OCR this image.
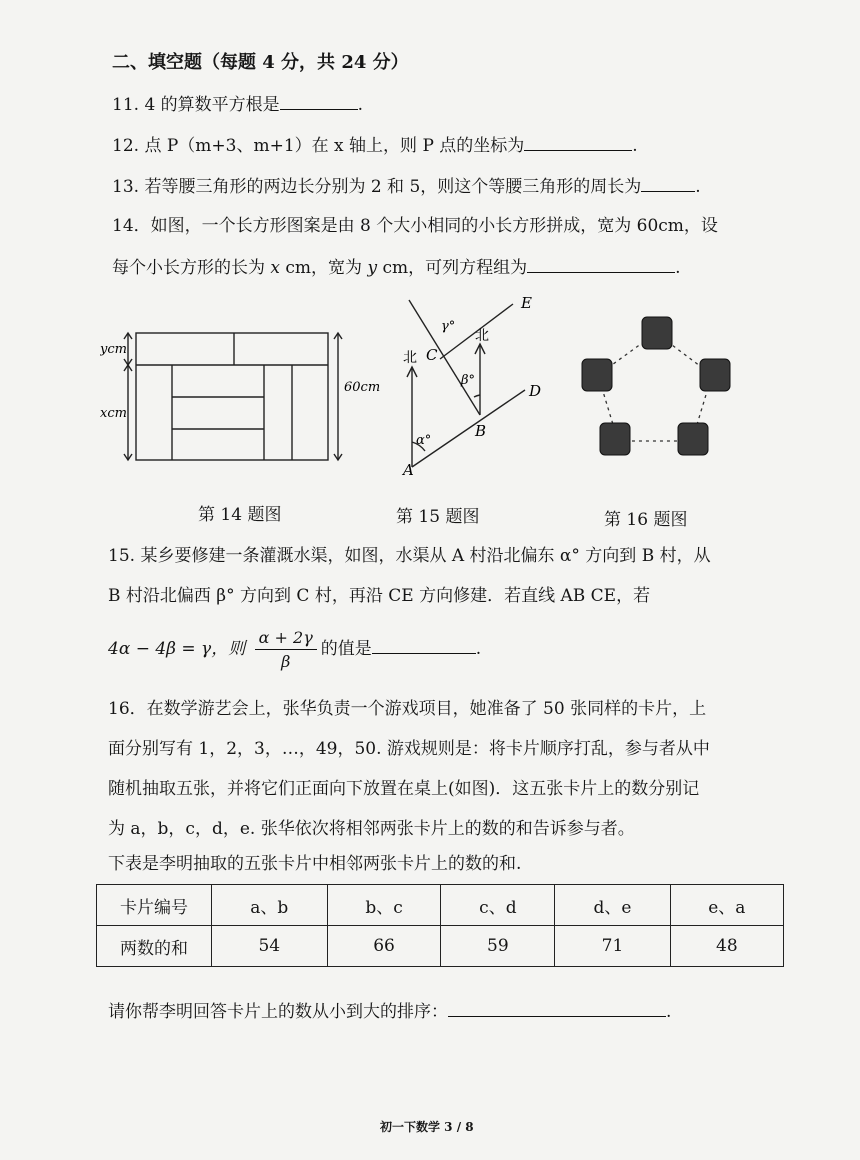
二、填空题（每题 4 分，共 24 分）
11. 4 的算数平方根是	.
12. 点 P（m+3、m+1）在 x 轴上，则 P 点的坐标为	.
13. 若等腰三角形的两边长分别为 2 和 5，则这个等腰三角形的周长为	.
14．如图，一个长方形图案是由 8 个大小相同的小长方形拼成，宽为 60cm，设
每个小长方形的长为 x cm，宽为 y cm，可列方程组为	.
ycm
xcm
60cm
E
D
C
B
A
北
北
γ°
β°
α°
第 14 题图	第 15 题图	第 16 题图
15. 某乡要修建一条灌溉水渠，如图，水渠从 A 村沿北偏东 α° 方向到 B 村，从
B 村沿北偏西 β° 方向到 C 村，再沿 CE 方向修建．若直线 AB CE，若
4α − 4β = γ，则 $\frac{\alpha + 2\gamma}{\beta}$ 的值是	.
16．在数学游艺会上，张华负责一个游戏项目，她准备了 50 张同样的卡片，上
面分别写有 1，2，3，…，49，50. 游戏规则是：将卡片顺序打乱，参与者从中
随机抽取五张，并将它们正面向下放置在桌上(如图)．这五张卡片上的数分别记
为 a，b，c，d，e. 张华依次将相邻两张卡片上的数的和告诉参与者。
下表是李明抽取的五张卡片中相邻两张卡片上的数的和.
卡片编号	a、b	b、c	c、d	d、e	e、a
两数的和	54	66	59	71	48
请你帮李明回答卡片上的数从小到大的排序：	.
初一下数学 3 / 8
